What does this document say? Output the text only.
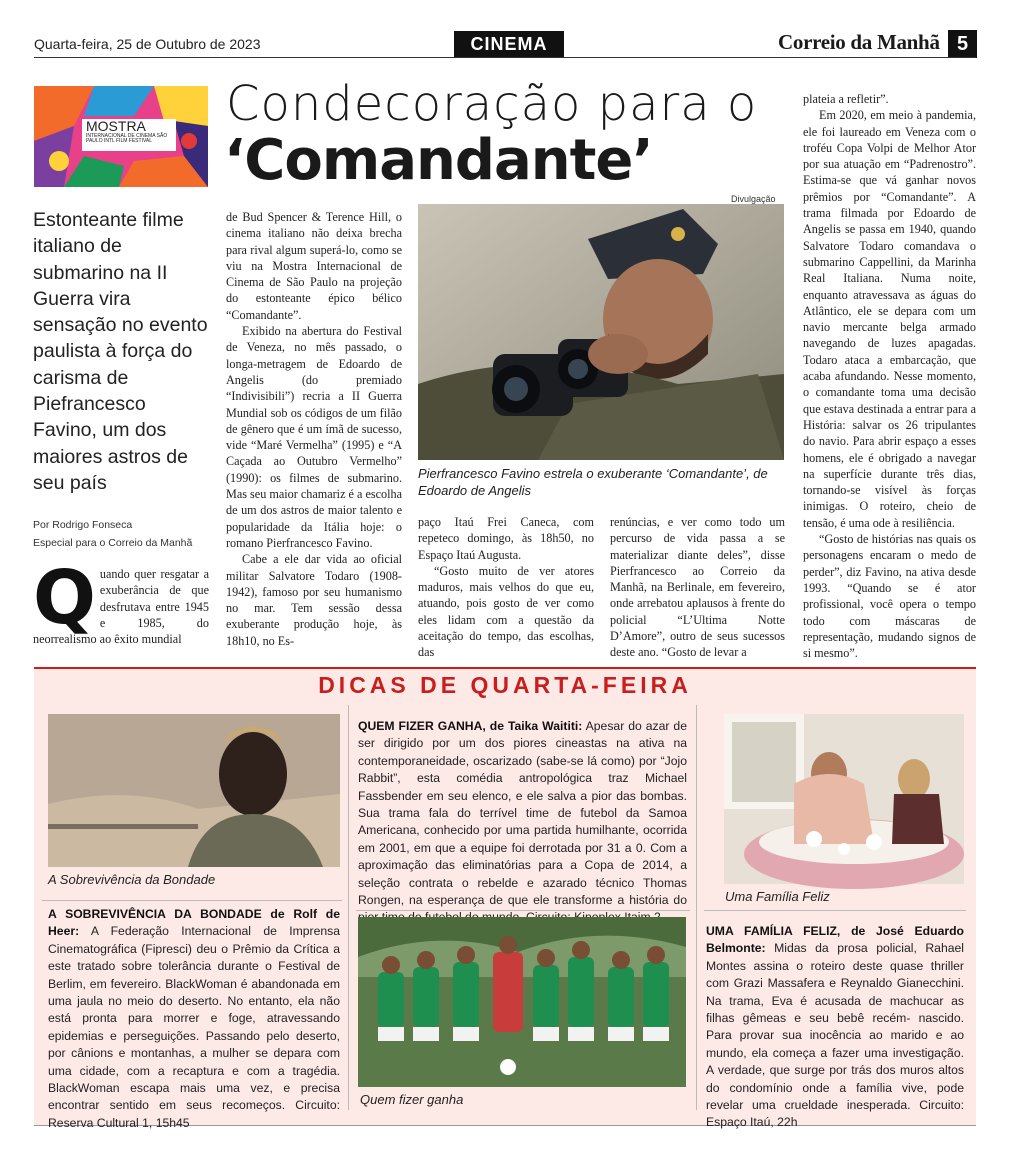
Quarta-feira, 25 de Outubro de 2023	CINEMA	Correio da Manhã 5
MOSTRA
INTERNACIONAL DE CINEMA SÃO PAULO INTL FILM FESTIVAL
Condecoração para o
‘Comandante’
Divulgação
Estonteante filme italiano de submarino na II Guerra vira sensação no evento paulista à força do carisma de Piefrancesco Favino, um dos maiores astros de seu país
Por Rodrigo Fonseca
Especial para o Correio da Manhã
Q uando quer resgatar a exuberância de que desfrutava entre 1945 e 1985, do neorrealismo ao êxito mundial

de Bud Spencer & Terence Hill, o cinema italiano não deixa brecha para rival algum superá-lo, como se viu na Mostra Internacional de Cinema de São Paulo na projeção do estonteante épico bélico “Comandante”.

Exibido na abertura do Festival de Veneza, no mês passado, o longa-metragem de Edoardo de Angelis (do premiado “Indivisibili”) recria a II Guerra Mundial sob os códigos de um filão de gênero que é um ímã de sucesso, vide “Maré Vermelha” (1995) e “A Caçada ao Outubro Vermelho” (1990): os filmes de submarino. Mas seu maior chamariz é a escolha de um dos astros de maior talento e popularidade da Itália hoje: o romano Pierfrancesco Favino.

Cabe a ele dar vida ao oficial militar Salvatore Todaro (1908-1942), famoso por seu humanismo no mar. Tem sessão dessa exuberante produção hoje, às 18h10, no Es-

Pierfrancesco Favino estrela o exuberante ‘Comandante’, de Edoardo de Angelis

paço Itaú Frei Caneca, com repeteco domingo, às 18h50, no Espaço Itaú Augusta.

“Gosto muito de ver atores maduros, mais velhos do que eu, atuando, pois gosto de ver como eles lidam com a questão da aceitação do tempo, das escolhas, das

renúncias, e ver como todo um percurso de vida passa a se materializar diante deles”, disse Pierfrancesco ao Correio da Manhã, na Berlinale, em fevereiro, onde arrebatou aplausos à frente do policial “L’Ultima Notte D’Amore”, outro de seus sucessos deste ano. “Gosto de levar a

plateia a refletir”.

Em 2020, em meio à pandemia, ele foi laureado em Veneza com o troféu Copa Volpi de Melhor Ator por sua atuação em “Padrenostro”. Estima-se que vá ganhar novos prêmios por “Comandante”. A trama filmada por Edoardo de Angelis se passa em 1940, quando Salvatore Todaro comandava o submarino Cappellini, da Marinha Real Italiana. Numa noite, enquanto atravessava as águas do Atlântico, ele se depara com um navio mercante belga armado navegando de luzes apagadas. Todaro ataca a embarcação, que acaba afundando. Nesse momento, o comandante toma uma decisão que estava destinada a entrar para a História: salvar os 26 tripulantes do navio. Para abrir espaço a esses homens, ele é obrigado a navegar na superfície durante três dias, tornando-se visível às forças inimigas. O roteiro, cheio de tensão, é uma ode à resiliência.

“Gosto de histórias nas quais os personagens encaram o medo de perder”, diz Favino, na ativa desde 1993. “Quando se é ator profissional, você opera o tempo todo com máscaras de representação, mudando signos de si mesmo”.

DICAS DE QUARTA-FEIRA
A Sobrevivência da Bondade
A SOBREVIVÊNCIA DA BONDADE de Rolf de Heer: A Federação Internacional de Imprensa Cinematográfica (Fipresci) deu o Prêmio da Crítica a este tratado sobre tolerância durante o Festival de Berlim, em fevereiro. BlackWoman é abandonada em uma jaula no meio do deserto. No entanto, ela não está pronta para morrer e foge, atravessando epidemias e perseguições. Passando pelo deserto, por cânions e montanhas, a mulher se depara com uma cidade, com a recaptura e com a tragédia. BlackWoman escapa mais uma vez, e precisa encontrar sentido em seus recomeços. Circuito: Reserva Cultural 1, 15h45
QUEM FIZER GANHA, de Taika Waititi: Apesar do azar de ser dirigido por um dos piores cineastas na ativa na contemporaneidade, oscarizado (sabe-se lá como) por “Jojo Rabbit”, esta comédia antropológica traz Michael Fassbender em seu elenco, e ele salva a pior das bombas. Sua trama fala do terrível time de futebol da Samoa Americana, conhecido por uma partida humilhante, ocorrida em 2001, em que a equipe foi derrotada por 31 a 0. Com a aproximação das eliminatórias para a Copa de 2014, a seleção contrata o rebelde e azarado técnico Thomas Rongen, na esperança de que ele transforme a história do
Quem fizer ganha
Uma Família Feliz
UMA FAMÍLIA FELIZ, de José Eduardo Belmonte: Midas da prosa policial, Rahael Montes assina o roteiro deste quase thriller com Grazi Massafera e Reynaldo Gianecchini. Na trama, Eva é acusada de machucar as filhas gêmeas e seu bebê recém- nascido. Para provar sua inocência ao marido e ao mundo, ela começa a fazer uma investigação. A verdade, que surge por trás dos muros altos do condomínio onde a família vive, pode revelar uma crueldade inesperada. Circuito: Espaço Itaú, 22h
